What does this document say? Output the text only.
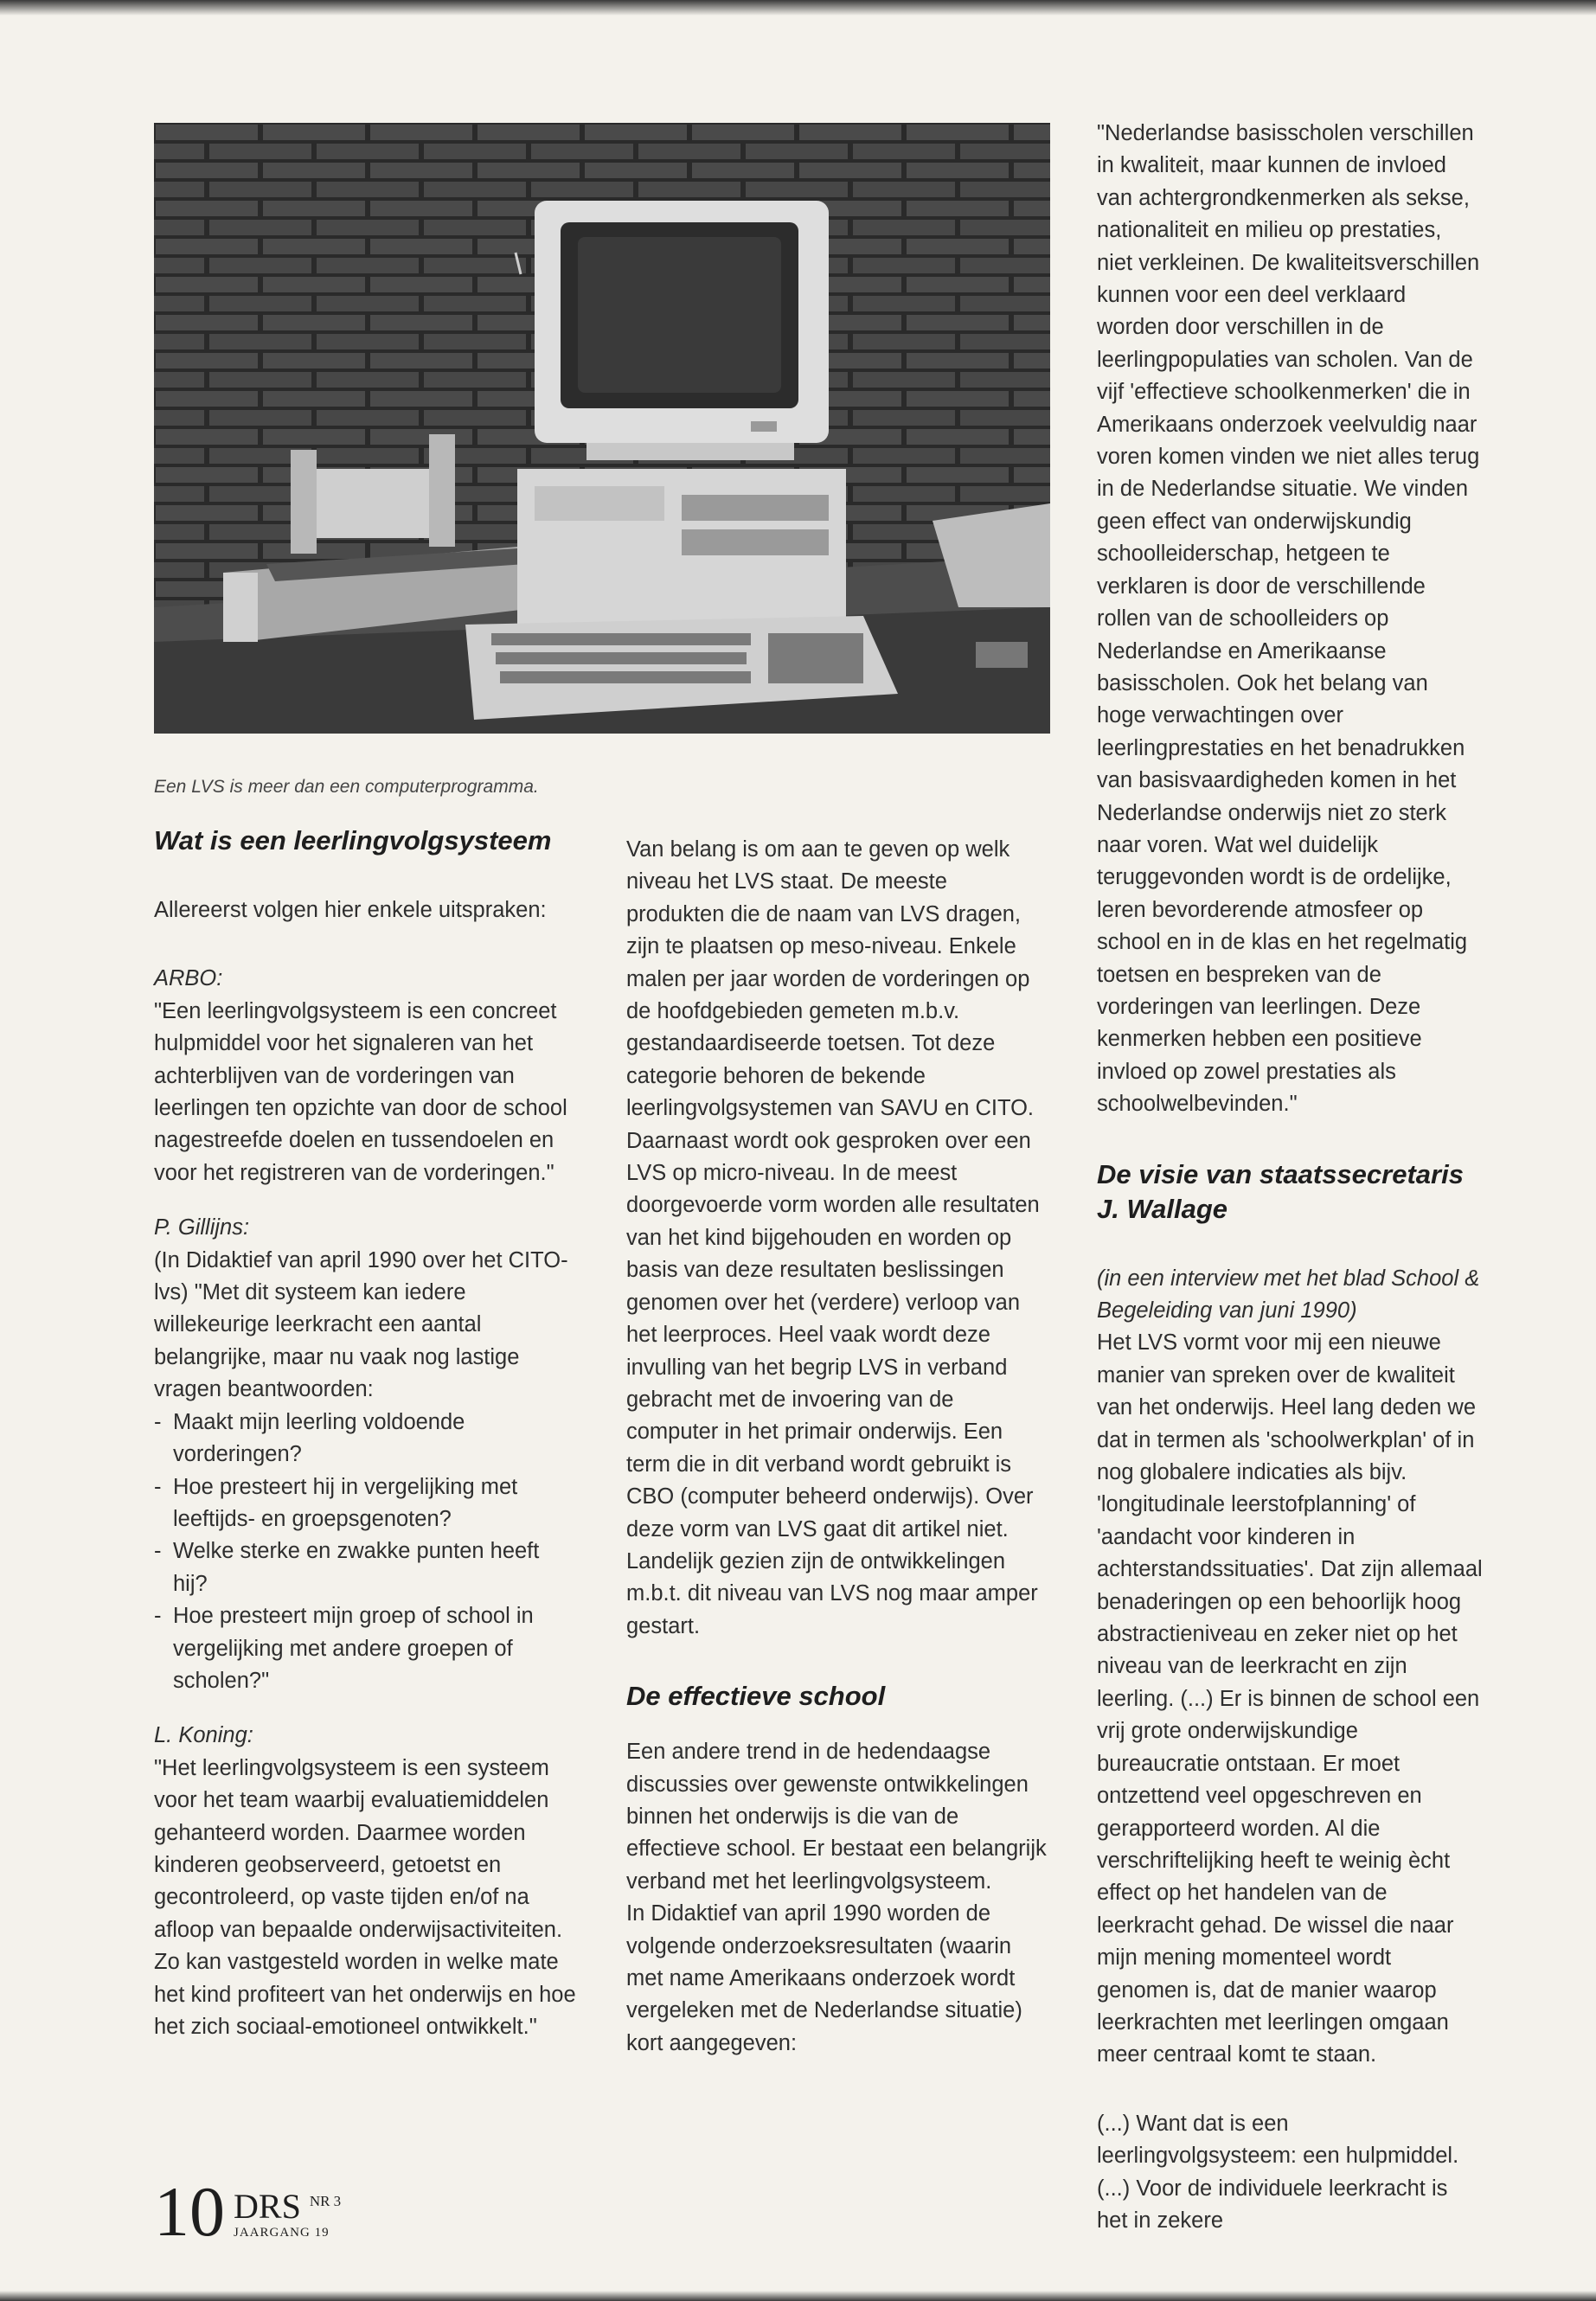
Een LVS is meer dan een computerprogramma.
Wat is een leerlingvolgsysteem

Allereerst volgen hier enkele uitspraken:

ARBO:

"Een leerlingvolgsysteem is een concreet hulpmiddel voor het signaleren van het achterblijven van de vorderingen van leerlingen ten opzichte van door de school nagestreefde doelen en tussendoelen en voor het registreren van de vorderingen."

P. Gillijns:

(In Didaktief van april 1990 over het CITO-lvs) "Met dit systeem kan iedere willekeurige leerkracht een aantal belangrijke, maar nu vaak nog lastige vragen beantwoorden:

- Maakt mijn leerling voldoende vorderingen?
- Hoe presteert hij in vergelijking met leeftijds- en groepsgenoten?
- Welke sterke en zwakke punten heeft hij?
- Hoe presteert mijn groep of school in vergelijking met andere groepen of scholen?"

L. Koning:

"Het leerlingvolgsysteem is een systeem voor het team waarbij evaluatiemiddelen gehanteerd worden. Daarmee worden kinderen geobserveerd, getoetst en gecontroleerd, op vaste tijden en/of na afloop van bepaalde onderwijsactiviteiten. Zo kan vastgesteld worden in welke mate het kind profiteert van het onderwijs en hoe het zich sociaal-emotioneel ontwikkelt."

Van belang is om aan te geven op welk niveau het LVS staat. De meeste produkten die de naam van LVS dragen, zijn te plaatsen op meso-niveau. Enkele malen per jaar worden de vorderingen op de hoofdgebieden gemeten m.b.v. gestandaardiseerde toetsen. Tot deze categorie behoren de bekende leerlingvolgsystemen van SAVU en CITO. Daarnaast wordt ook gesproken over een LVS op micro-niveau. In de meest doorgevoerde vorm worden alle resultaten van het kind bijgehouden en worden op basis van deze resultaten beslissingen genomen over het (verdere) verloop van het leerproces. Heel vaak wordt deze invulling van het begrip LVS in verband gebracht met de invoering van de computer in het primair onderwijs. Een term die in dit verband wordt gebruikt is CBO (computer beheerd onderwijs). Over deze vorm van LVS gaat dit artikel niet. Landelijk gezien zijn de ontwikkelingen m.b.t. dit niveau van LVS nog maar amper gestart.

De effectieve school

Een andere trend in de hedendaagse discussies over gewenste ontwikkelingen binnen het onderwijs is die van de effectieve school. Er bestaat een belangrijk verband met het leerlingvolgsysteem.

In Didaktief van april 1990 worden de volgende onderzoeksresultaten (waarin met name Amerikaans onderzoek wordt vergeleken met de Nederlandse situatie) kort aangegeven:

"Nederlandse basisscholen verschillen in kwaliteit, maar kunnen de invloed van achtergrondkenmerken als sekse, nationaliteit en milieu op prestaties, niet verkleinen. De kwaliteitsverschillen kunnen voor een deel verklaard worden door verschillen in de leerlingpopulaties van scholen. Van de vijf 'effectieve schoolkenmerken' die in Amerikaans onderzoek veelvuldig naar voren komen vinden we niet alles terug in de Nederlandse situatie. We vinden geen effect van onderwijskundig schoolleiderschap, hetgeen te verklaren is door de verschillende rollen van de schoolleiders op Nederlandse en Amerikaanse basisscholen. Ook het belang van hoge verwachtingen over leerlingprestaties en het benadrukken van basisvaardigheden komen in het Nederlandse onderwijs niet zo sterk naar voren. Wat wel duidelijk teruggevonden wordt is de ordelijke, leren bevorderende atmosfeer op school en in de klas en het regelmatig toetsen en bespreken van de vorderingen van leerlingen. Deze kenmerken hebben een positieve invloed op zowel prestaties als schoolwelbevinden."

De visie van staatssecretaris J. Wallage

(in een interview met het blad School & Begeleiding van juni 1990)

Het LVS vormt voor mij een nieuwe manier van spreken over de kwaliteit van het onderwijs. Heel lang deden we dat in termen als 'schoolwerkplan' of in nog globalere indicaties als bijv. 'longitudinale leerstofplanning' of 'aandacht voor kinderen in achterstandssituaties'. Dat zijn allemaal benaderingen op een behoorlijk hoog abstractieniveau en zeker niet op het niveau van de leerkracht en zijn leerling. (...) Er is binnen de school een vrij grote onderwijskundige bureaucratie ontstaan. Er moet ontzettend veel opgeschreven en gerapporteerd worden. Al die verschriftelijking heeft te weinig ècht effect op het handelen van de leerkracht gehad. De wissel die naar mijn mening momenteel wordt genomen is, dat de manier waarop leerkrachten met leerlingen omgaan meer centraal komt te staan.

(...) Want dat is een leerlingvolgsysteem: een hulpmiddel. (...) Voor de individuele leerkracht is het in zekere

10 DRS NR 3
JAARGANG 19
